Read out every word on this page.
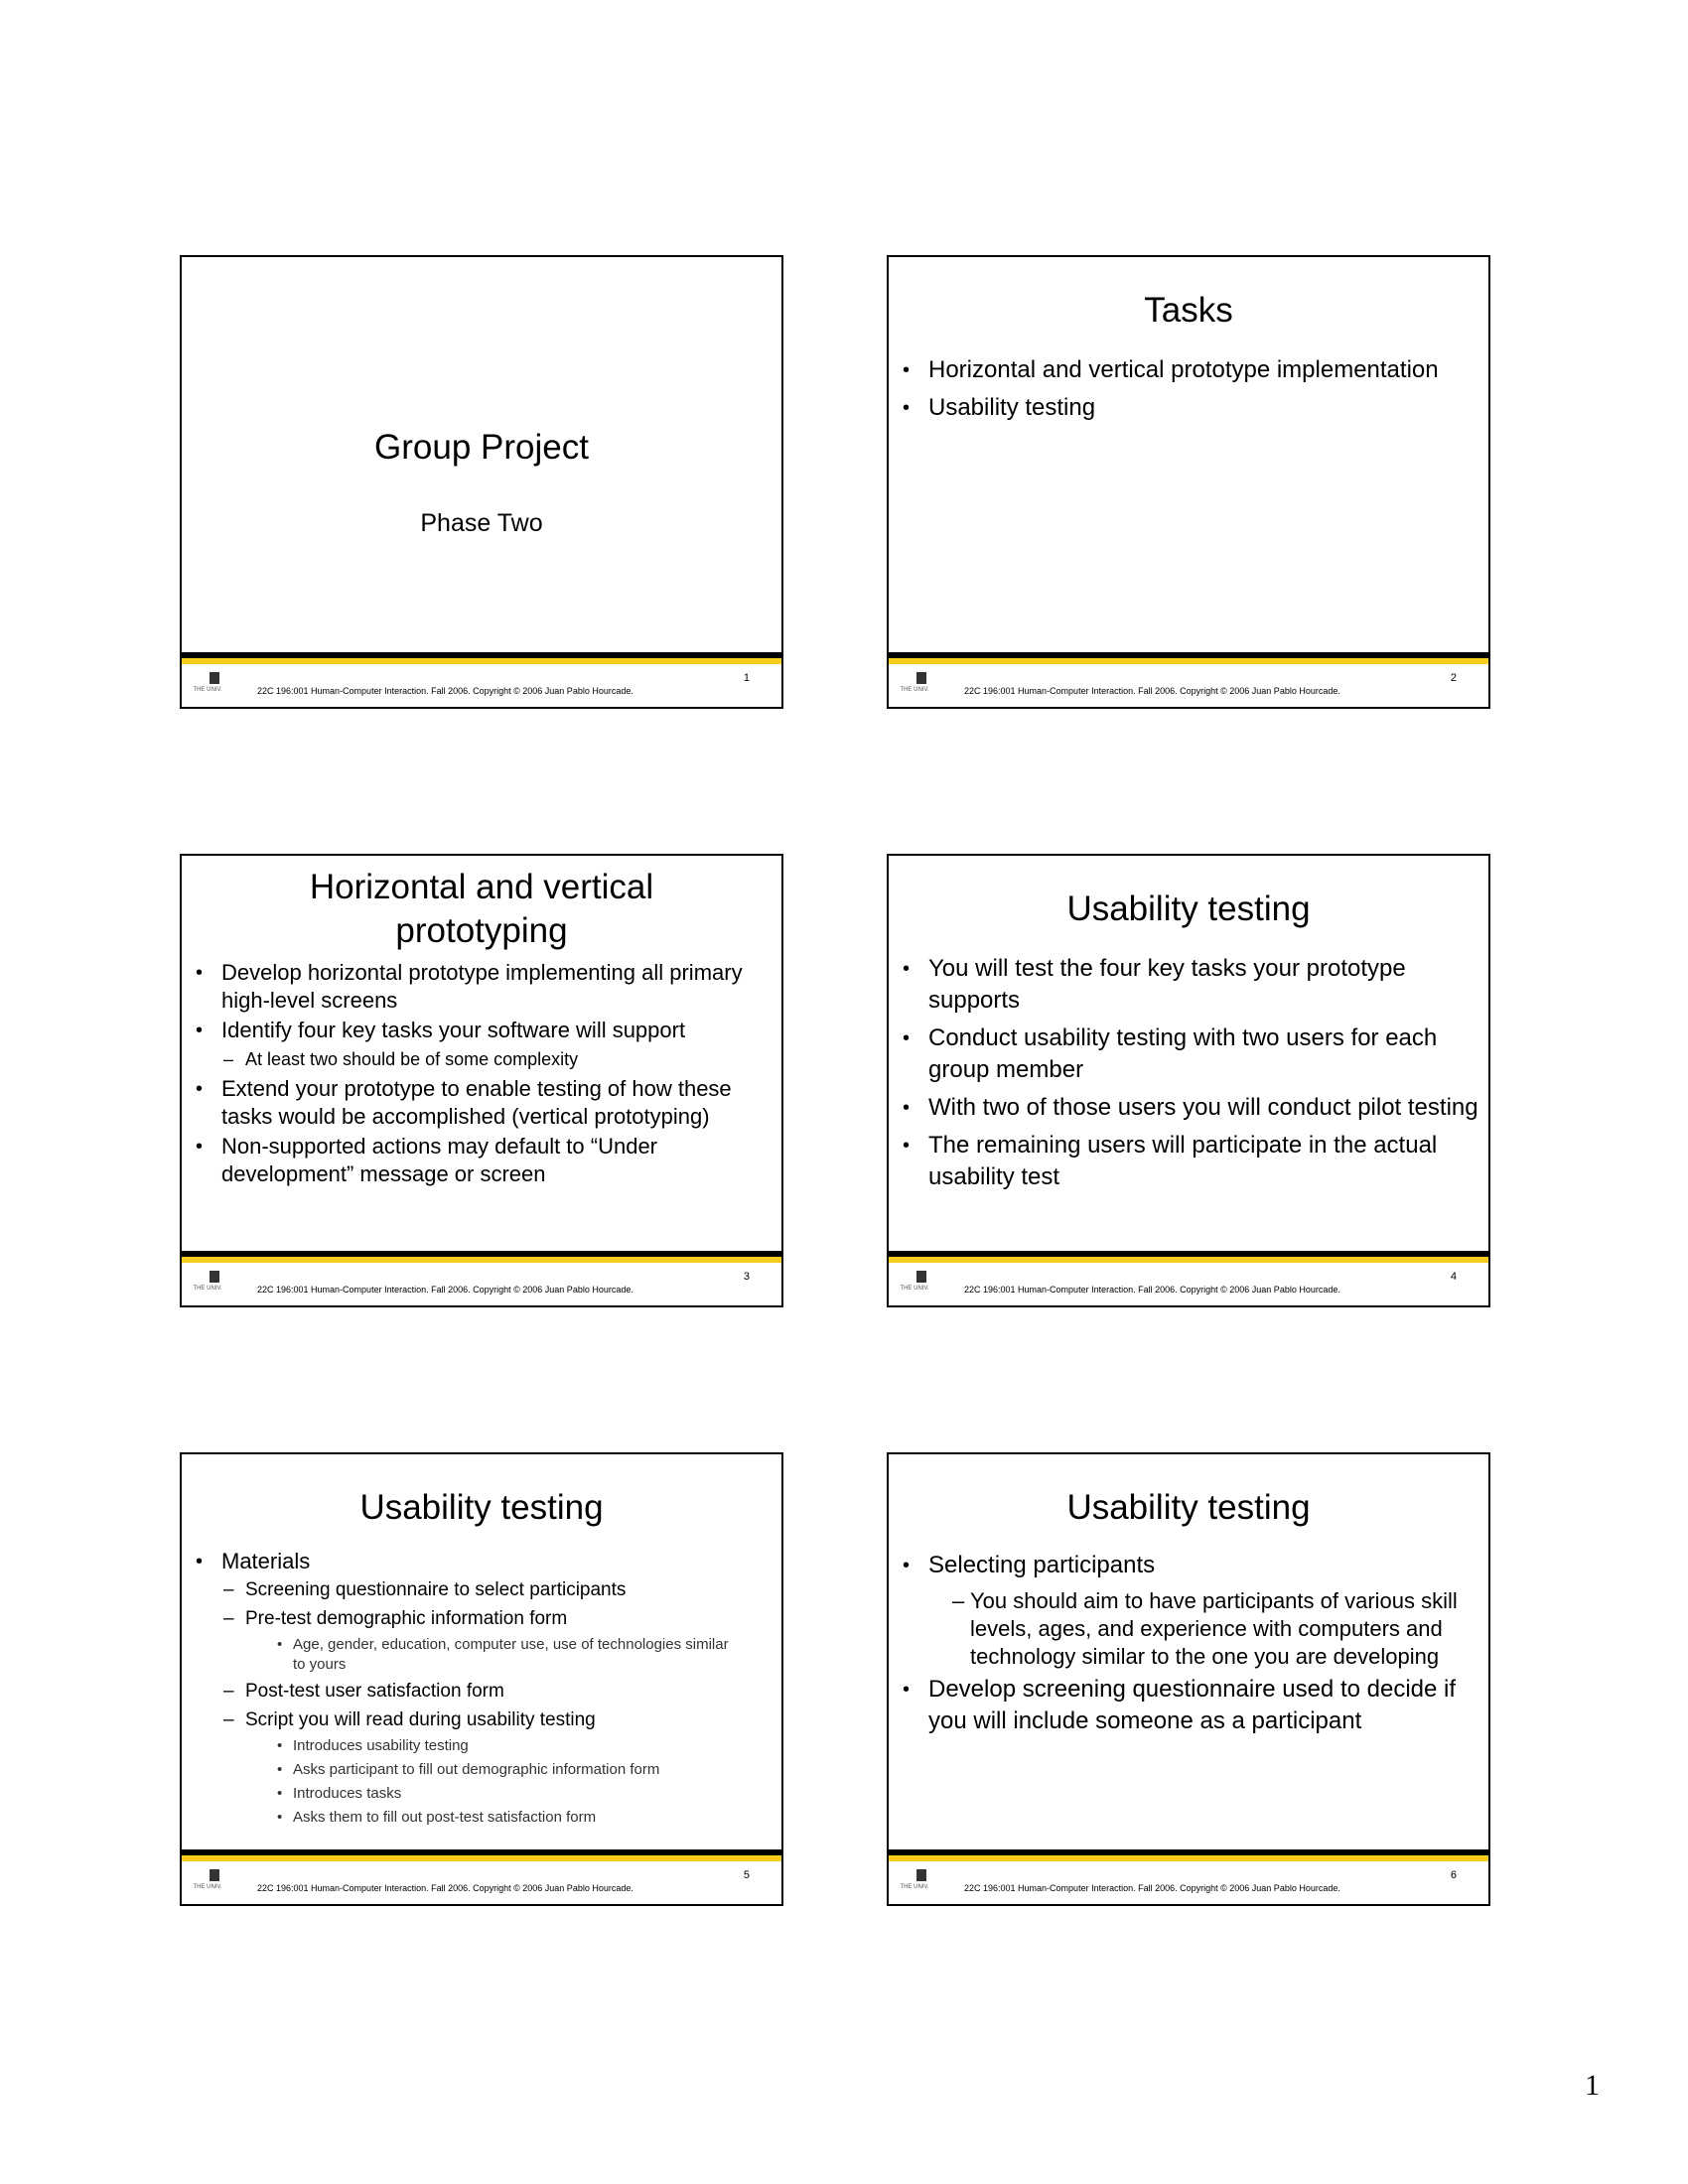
Group Project
Phase Two

THE UNIV.	22C 196:001 Human-Computer Interaction. Fall 2006. Copyright © 2006 Juan Pablo Hourcade.
1
Tasks
• Horizontal and vertical prototype implementation
• Usability testing

THE UNIV.	22C 196:001 Human-Computer Interaction. Fall 2006. Copyright © 2006 Juan Pablo Hourcade.
2
Horizontal and vertical prototyping
• Develop horizontal prototype implementing all primary high-level screens
• Identify four key tasks your software will support
– At least two should be of some complexity
• Extend your prototype to enable testing of how these tasks would be accomplished (vertical prototyping)
• Non-supported actions may default to “Under development” message or screen

THE UNIV.	22C 196:001 Human-Computer Interaction. Fall 2006. Copyright © 2006 Juan Pablo Hourcade.
3
Usability testing
• You will test the four key tasks your prototype supports
• Conduct usability testing with two users for each group member
• With two of those users you will conduct pilot testing
• The remaining users will participate in the actual usability test

THE UNIV.	22C 196:001 Human-Computer Interaction. Fall 2006. Copyright © 2006 Juan Pablo Hourcade.
4
Usability testing
• Materials
– Screening questionnaire to select participants
– Pre-test demographic information form
• Age, gender, education, computer use, use of technologies similar to yours
– Post-test user satisfaction form
– Script you will read during usability testing
• Introduces usability testing
• Asks participant to fill out demographic information form
• Introduces tasks
• Asks them to fill out post-test satisfaction form

THE UNIV.	22C 196:001 Human-Computer Interaction. Fall 2006. Copyright © 2006 Juan Pablo Hourcade.
5
Usability testing
• Selecting participants
– You should aim to have participants of various skill levels, ages, and experience with computers and technology similar to the one you are developing
• Develop screening questionnaire used to decide if you will include someone as a participant

THE UNIV.	22C 196:001 Human-Computer Interaction. Fall 2006. Copyright © 2006 Juan Pablo Hourcade.
6
1
